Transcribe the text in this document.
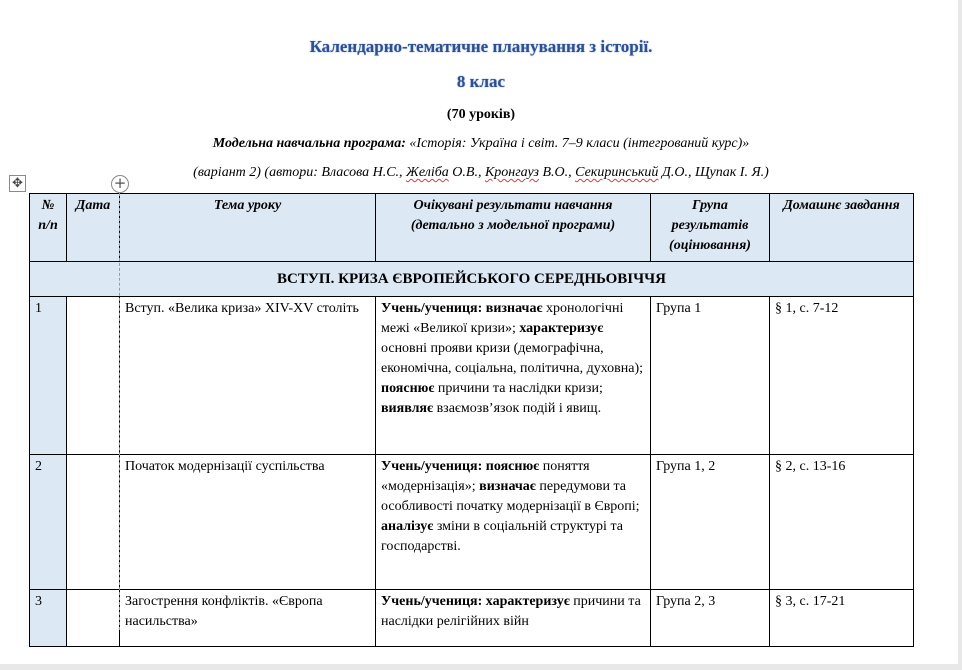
Календарно-тематичне планування з історії.
8 клас
(70 уроків)
Модельна навчальна програма: «Історія: Україна і світ. 7–9 класи (інтегрований курс)»
(варіант 2) (автори: Власова Н.С., Желіба О.В., Кронгауз В.О., Секиринський Д.О., Щупак І. Я.)
✥	+
№ п/п	Дата	Тема уроку	Очікувані результати навчання (детально з модельної програми)	Група результатів (оцінювання)	Домашнє завдання
ВСТУП. КРИЗА ЄВРОПЕЙСЬКОГО СЕРЕДНЬОВІЧЧЯ					
1		Вступ. «Велика криза» XIV-XV століть	Учень/учениця: визначає хронологічні межі «Великої кризи»; характеризує основні прояви кризи (демографічна, економічна, соціальна, політична, духовна); пояснює причини та наслідки кризи; виявляє взаємозв’язок подій і явищ.	Група 1	§ 1, с. 7-12
2		Початок модернізації суспільства	Учень/учениця: пояснює поняття «модернізація»; визначає передумови та особливості початку модернізації в Європі; аналізує зміни в соціальній структурі та господарстві.	Група 1, 2	§ 2, с. 13-16
3		Загострення конфліктів. «Європа насильства»	Учень/учениця: характеризує причини та наслідки релігійних війн	Група 2, 3	§ 3, с. 17-21
